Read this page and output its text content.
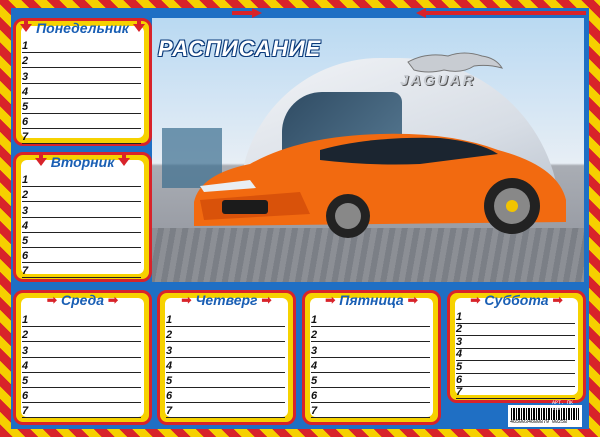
РАСПИСАНИЕ
JAGUAR
Понедельник
1
2
3
4
5
6
7
Вторник
1
2
3
4
5
6
7
➡ Среда ➡
1
2
3
4
5
6
7
➡ Четверг ➡
1
2
3
4
5
6
7
➡ Пятница ➡
1
2
3
4
5
6
7
➡ Суббота ➡
1
2
3
4
5
6
7
4650034680879 00258
АРТ. ПК 208
